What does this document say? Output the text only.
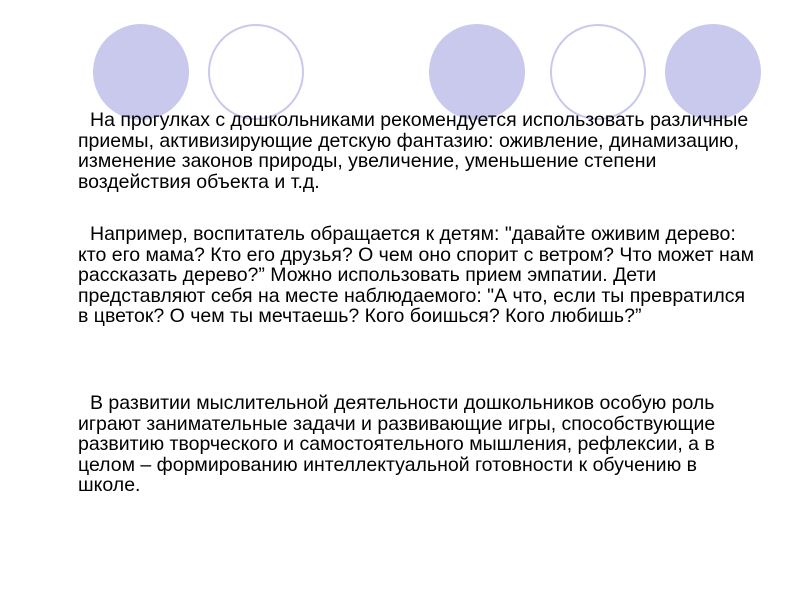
На прогулках с дошкольниками рекомендуется использовать различные приемы, активизирующие детскую фантазию: оживление, динамизацию, изменение законов природы, увеличение, уменьшение степени воздействия объекта и т.д.

Например, воспитатель обращается к детям: "давайте оживим дерево: кто его мама? Кто его друзья? О чем оно спорит с ветром? Что может нам рассказать дерево?” Можно использовать прием эмпатии. Дети представляют себя на месте наблюдаемого: "А что, если ты превратился в цветок? О чем ты мечтаешь? Кого боишься? Кого любишь?”

В развитии мыслительной деятельности дошкольников особую роль играют занимательные задачи и развивающие игры, способствующие развитию творческого и самостоятельного мышления, рефлексии, а в целом – формированию интеллектуальной готовности к обучению в школе.
